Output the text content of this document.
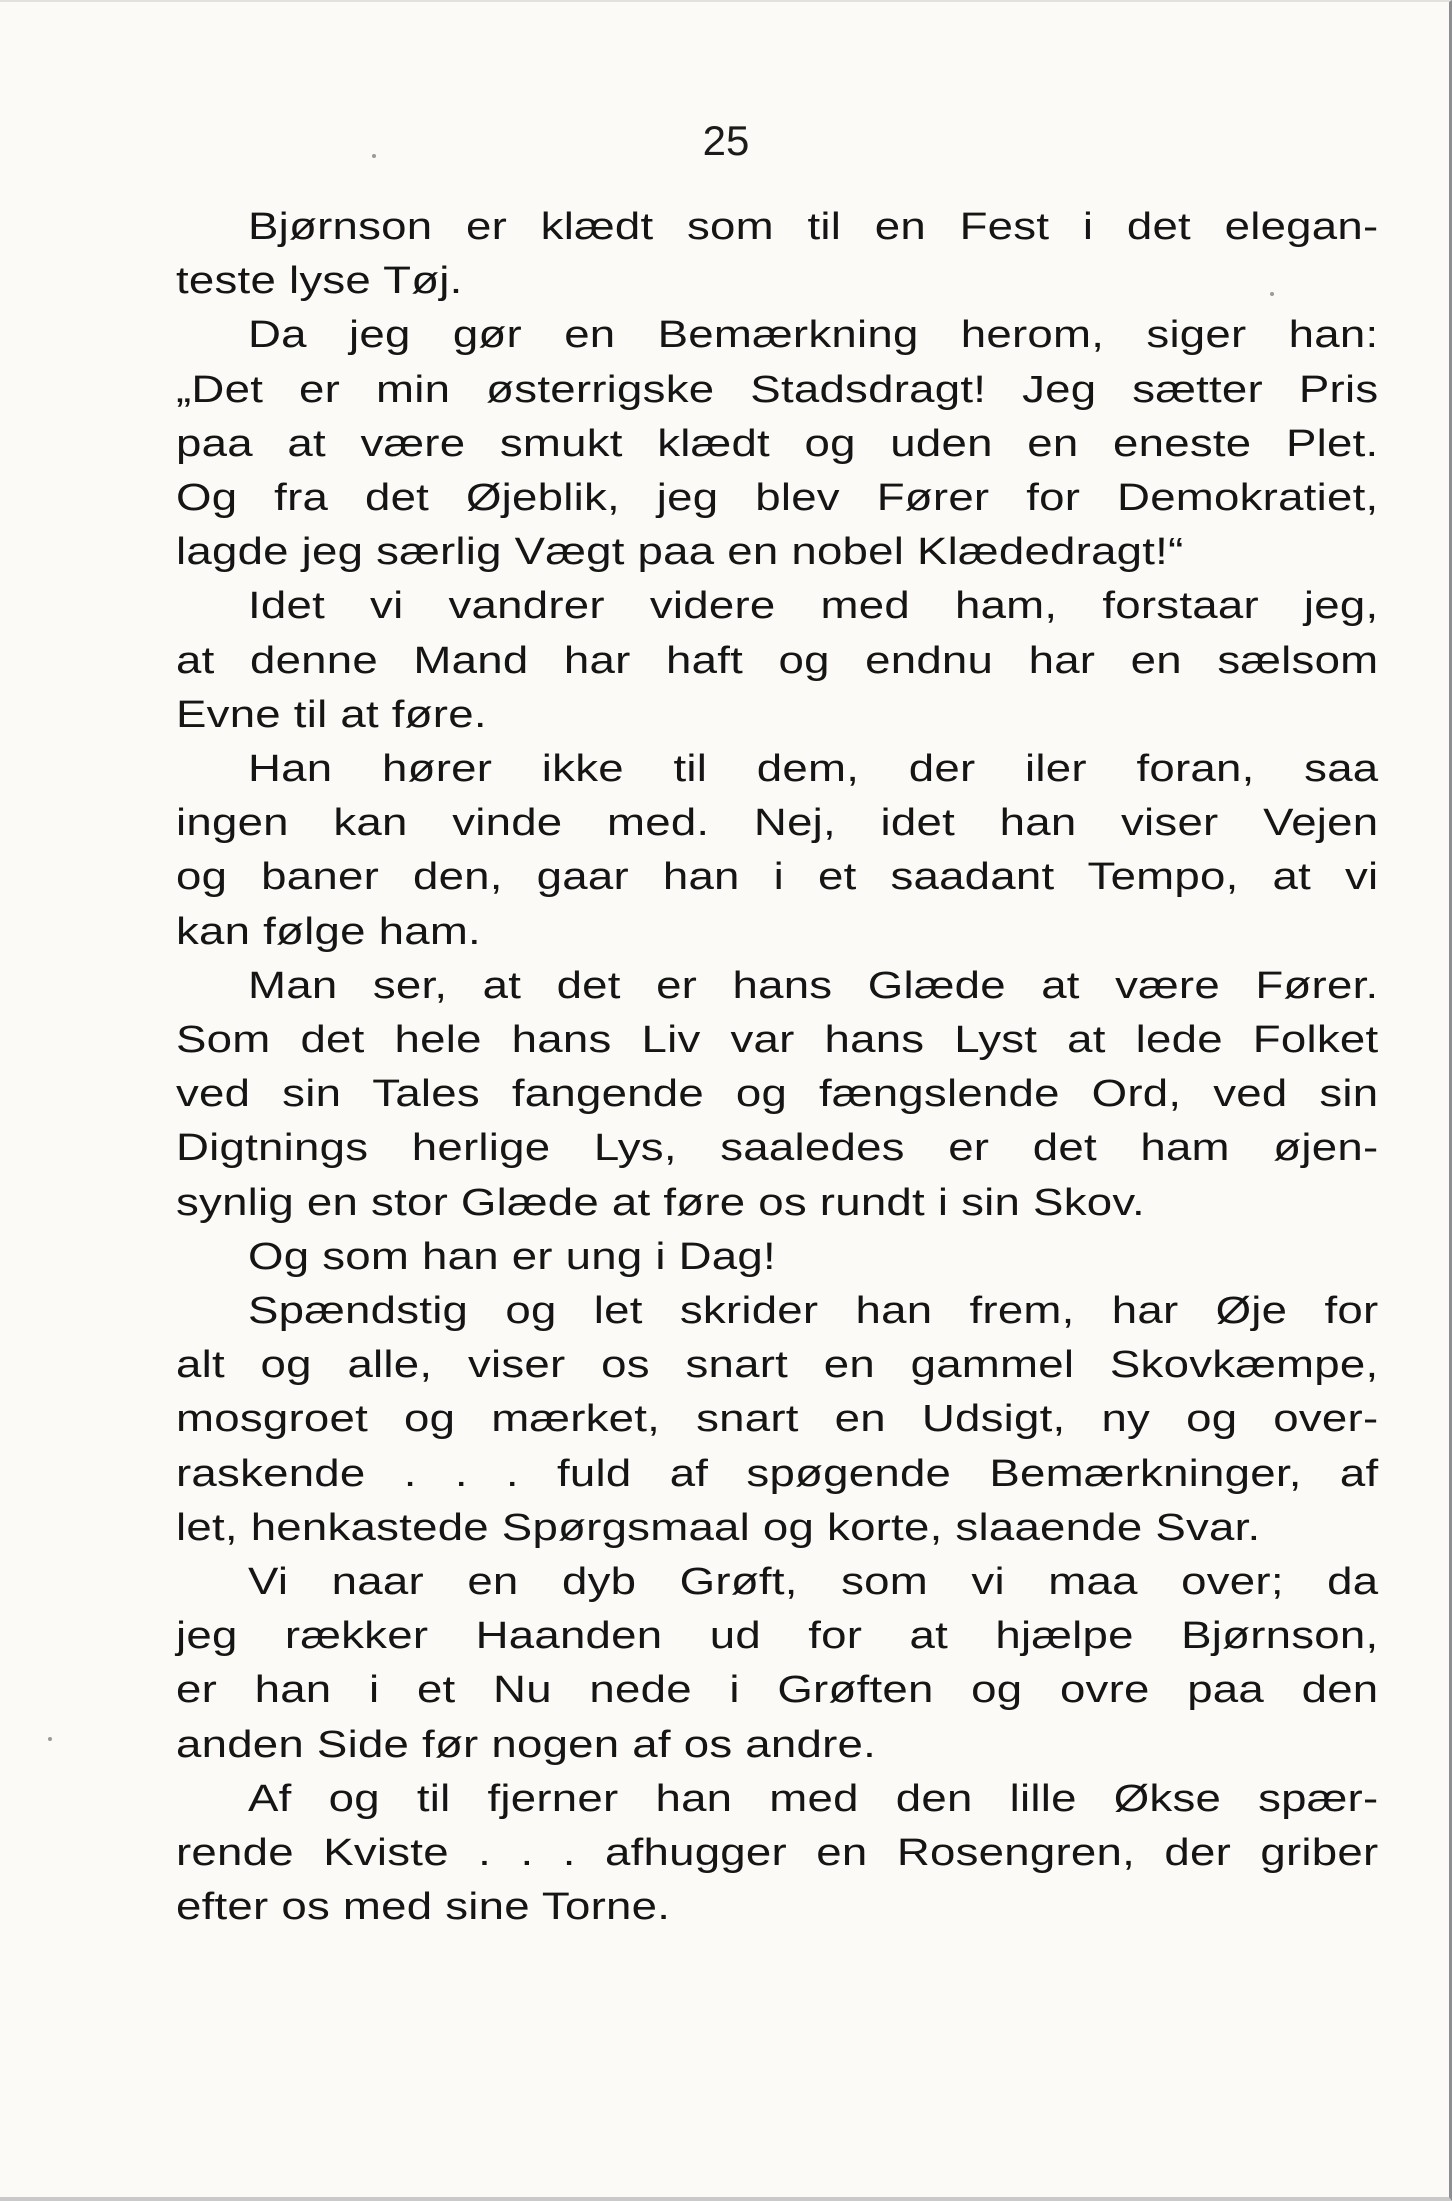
25
Bjørnson er klædt som til en Fest i det elegan-
teste lyse Tøj.
Da jeg gør en Bemærkning herom, siger han:
„Det er min østerrigske Stadsdragt! Jeg sætter Pris
paa at være smukt klædt og uden en eneste Plet.
Og fra det Øjeblik, jeg blev Fører for Demokratiet,
lagde jeg særlig Vægt paa en nobel Klædedragt!“
Idet vi vandrer videre med ham, forstaar jeg,
at denne Mand har haft og endnu har en sælsom
Evne til at føre.
Han hører ikke til dem, der iler foran, saa
ingen kan vinde med. Nej, idet han viser Vejen
og baner den, gaar han i et saadant Tempo, at vi
kan følge ham.
Man ser, at det er hans Glæde at være Fører.
Som det hele hans Liv var hans Lyst at lede Folket
ved sin Tales fangende og fængslende Ord, ved sin
Digtnings herlige Lys, saaledes er det ham øjen-
synlig en stor Glæde at føre os rundt i sin Skov.
Og som han er ung i Dag!
Spændstig og let skrider han frem, har Øje for
alt og alle, viser os snart en gammel Skovkæmpe,
mosgroet og mærket, snart en Udsigt, ny og over-
raskende . . . fuld af spøgende Bemærkninger, af
let, henkastede Spørgsmaal og korte, slaaende Svar.
Vi naar en dyb Grøft, som vi maa over; da
jeg rækker Haanden ud for at hjælpe Bjørnson,
er han i et Nu nede i Grøften og ovre paa den
anden Side før nogen af os andre.
Af og til fjerner han med den lille Økse spær-
rende Kviste . . . afhugger en Rosengren, der griber
efter os med sine Torne.
